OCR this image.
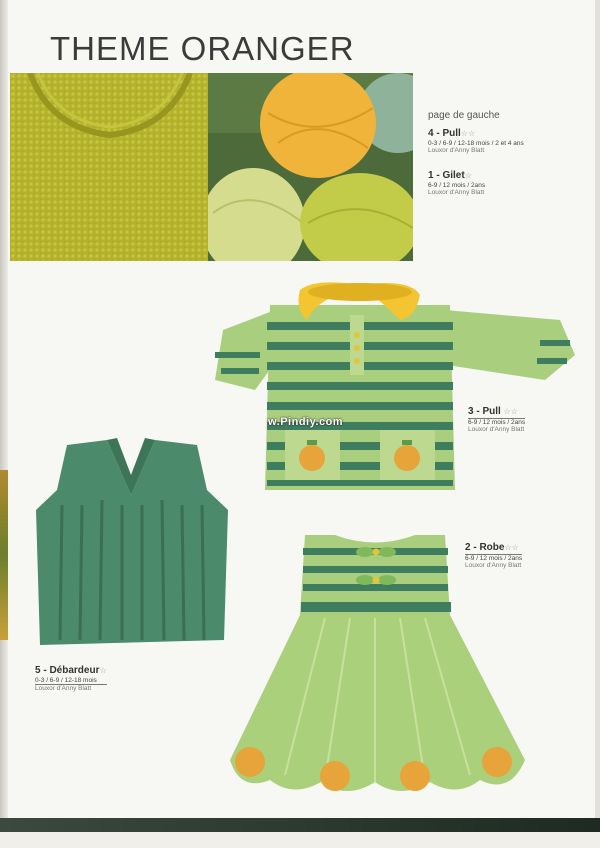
THEME ORANGER
page de gauche
4 - Pull☆☆
0-3 / 6-9 / 12-18 mois / 2 et 4 ans
Louxor d'Anny Blatt
1 - Gilet☆
6-9 / 12 mois / 2ans
Louxor d'Anny Blatt
w.Pindiy.com
3 - Pull ☆☆
6-9 / 12 mois / 2ans
Louxor d'Anny Blatt
5 - Débardeur☆
0-3 / 6-9 / 12-18 mois
Louxor d'Anny Blatt
2 - Robe☆☆
6-9 / 12 mois / 2ans
Louxor d'Anny Blatt
